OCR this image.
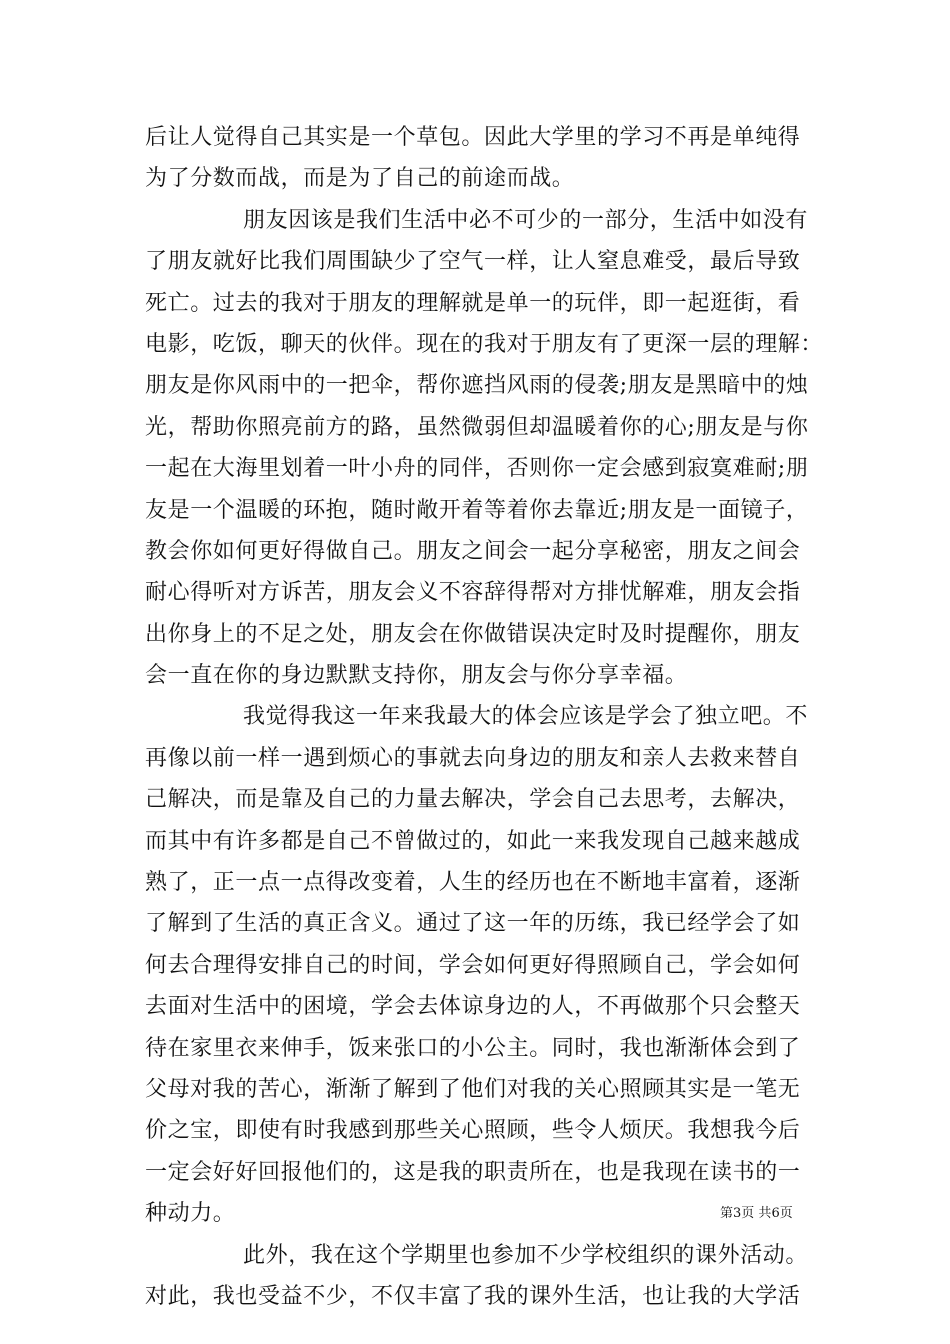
后让人觉得自己其实是一个草包。因此大学里的学习不再是单纯得
为了分数而战，而是为了自己的前途而战。
朋友因该是我们生活中必不可少的一部分，生活中如没有
了朋友就好比我们周围缺少了空气一样，让人窒息难受，最后导致
死亡。过去的我对于朋友的理解就是单一的玩伴，即一起逛街，看
电影，吃饭，聊天的伙伴。现在的我对于朋友有了更深一层的理解：
朋友是你风雨中的一把伞，帮你遮挡风雨的侵袭;朋友是黑暗中的烛
光，帮助你照亮前方的路，虽然微弱但却温暖着你的心;朋友是与你
一起在大海里划着一叶小舟的同伴，否则你一定会感到寂寞难耐;朋
友是一个温暖的环抱，随时敞开着等着你去靠近;朋友是一面镜子，
教会你如何更好得做自己。朋友之间会一起分享秘密，朋友之间会
耐心得听对方诉苦，朋友会义不容辞得帮对方排忧解难，朋友会指
出你身上的不足之处，朋友会在你做错误决定时及时提醒你，朋友
会一直在你的身边默默支持你，朋友会与你分享幸福。
我觉得我这一年来我最大的体会应该是学会了独立吧。不
再像以前一样一遇到烦心的事就去向身边的朋友和亲人去救来替自
己解决，而是靠及自己的力量去解决，学会自己去思考，去解决，
而其中有许多都是自己不曾做过的，如此一来我发现自己越来越成
熟了，正一点一点得改变着，人生的经历也在不断地丰富着，逐渐
了解到了生活的真正含义。通过了这一年的历练，我已经学会了如
何去合理得安排自己的时间，学会如何更好得照顾自己，学会如何
去面对生活中的困境，学会去体谅身边的人，不再做那个只会整天
待在家里衣来伸手，饭来张口的小公主。同时，我也渐渐体会到了
父母对我的苦心，渐渐了解到了他们对我的关心照顾其实是一笔无
价之宝，即使有时我感到那些关心照顾，些令人烦厌。我想我今后
一定会好好回报他们的，这是我的职责所在，也是我现在读书的一
种动力。
此外，我在这个学期里也参加不少学校组织的课外活动。
对此，我也受益不少，不仅丰富了我的课外生活，也让我的大学活
第3页 共6页
